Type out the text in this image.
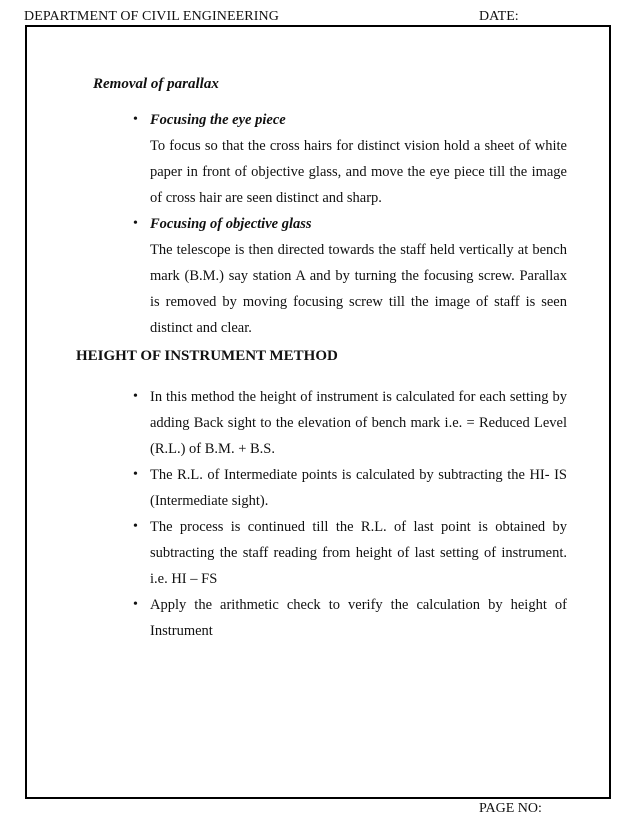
DEPARTMENT OF CIVIL ENGINEERING	DATE:
Removal of parallax
• Focusing the eye piece
To focus so that the cross hairs for distinct vision hold a sheet of white paper in front of objective glass, and move the eye piece till the image of cross hair are seen distinct and sharp.
• Focusing of objective glass
The telescope is then directed towards the staff held vertically at bench mark (B.M.) say station A and by turning the focusing screw. Parallax is removed by moving focusing screw till the image of staff is seen distinct and clear.
HEIGHT OF INSTRUMENT METHOD
• In this method the height of instrument is calculated for each setting by adding Back sight to the elevation of bench mark i.e. = Reduced Level (R.L.) of B.M. + B.S.
• The R.L. of Intermediate points is calculated by subtracting the HI- IS (Intermediate sight).
• The process is continued till the R.L. of last point is obtained by subtracting the staff reading from height of last setting of instrument. i.e. HI – FS
• Apply the arithmetic check to verify the calculation by height of Instrument
PAGE NO:
